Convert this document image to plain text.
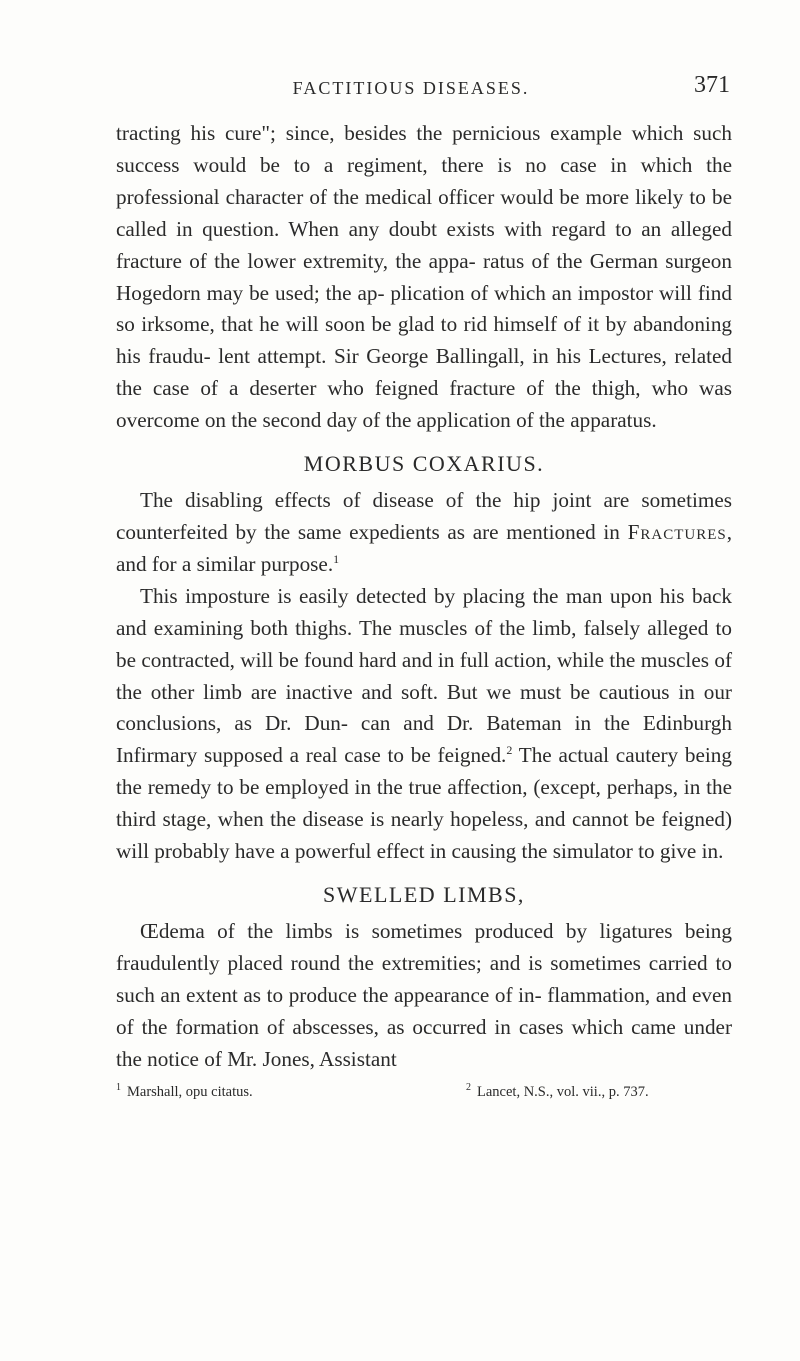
FACTITIOUS DISEASES.	371

tracting his cure"; since, besides the pernicious example which such success would be to a regiment, there is no case in which the professional character of the medical officer would be more likely to be called in question. When any doubt exists with regard to an alleged fracture of the lower extremity, the appa- ratus of the German surgeon Hogedorn may be used; the ap- plication of which an impostor will find so irksome, that he will soon be glad to rid himself of it by abandoning his fraudu- lent attempt. Sir George Ballingall, in his Lectures, related the case of a deserter who feigned fracture of the thigh, who was overcome on the second day of the application of the apparatus.

MORBUS COXARIUS.

The disabling effects of disease of the hip joint are sometimes counterfeited by the same expedients as are mentioned in Fractures, and for a similar purpose.$^1$

This imposture is easily detected by placing the man upon his back and examining both thighs. The muscles of the limb, falsely alleged to be contracted, will be found hard and in full action, while the muscles of the other limb are inactive and soft. But we must be cautious in our conclusions, as Dr. Dun- can and Dr. Bateman in the Edinburgh Infirmary supposed a real case to be feigned.$^2$ The actual cautery being the remedy to be employed in the true affection, (except, perhaps, in the third stage, when the disease is nearly hopeless, and cannot be feigned) will probably have a powerful effect in causing the simulator to give in.

SWELLED LIMBS,

Œdema of the limbs is sometimes produced by ligatures being fraudulently placed round the extremities; and is sometimes carried to such an extent as to produce the appearance of in- flammation, and even of the formation of abscesses, as occurred in cases which came under the notice of Mr. Jones, Assistant

$^1$ Marshall, opu citatus.	$^2$ Lancet, N.S., vol. vii., p. 737.
